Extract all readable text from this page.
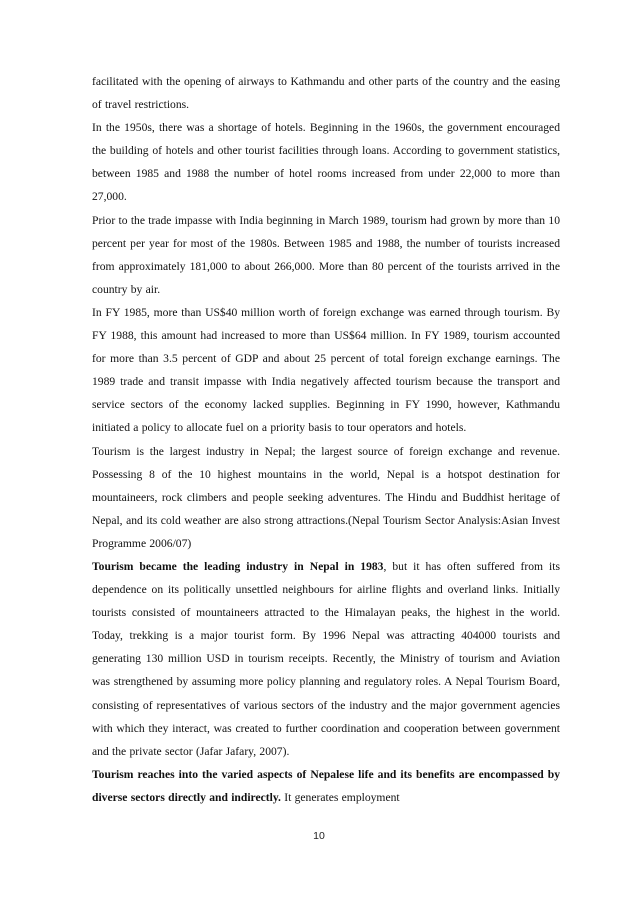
facilitated with the opening of airways to Kathmandu and other parts of the country and the easing of travel restrictions.

In the 1950s, there was a shortage of hotels. Beginning in the 1960s, the government encouraged the building of hotels and other tourist facilities through loans. According to government statistics, between 1985 and 1988 the number of hotel rooms increased from under 22,000 to more than 27,000.

Prior to the trade impasse with India beginning in March 1989, tourism had grown by more than 10 percent per year for most of the 1980s. Between 1985 and 1988, the number of tourists increased from approximately 181,000 to about 266,000. More than 80 percent of the tourists arrived in the country by air.

In FY 1985, more than US$40 million worth of foreign exchange was earned through tourism. By FY 1988, this amount had increased to more than US$64 million. In FY 1989, tourism accounted for more than 3.5 percent of GDP and about 25 percent of total foreign exchange earnings. The 1989 trade and transit impasse with India negatively affected tourism because the transport and service sectors of the economy lacked supplies. Beginning in FY 1990, however, Kathmandu initiated a policy to allocate fuel on a priority basis to tour operators and hotels.

Tourism is the largest industry in Nepal; the largest source of foreign exchange and revenue. Possessing 8 of the 10 highest mountains in the world, Nepal is a hotspot destination for mountaineers, rock climbers and people seeking adventures. The Hindu and Buddhist heritage of Nepal, and its cold weather are also strong attractions.(Nepal Tourism Sector Analysis:Asian Invest Programme 2006/07)

Tourism became the leading industry in Nepal in 1983, but it has often suffered from its dependence on its politically unsettled neighbours for airline flights and overland links. Initially tourists consisted of mountaineers attracted to the Himalayan peaks, the highest in the world. Today, trekking is a major tourist form. By 1996 Nepal was attracting 404000 tourists and generating 130 million USD in tourism receipts. Recently, the Ministry of tourism and Aviation was strengthened by assuming more policy planning and regulatory roles. A Nepal Tourism Board, consisting of representatives of various sectors of the industry and the major government agencies with which they interact, was created to further coordination and cooperation between government and the private sector (Jafar Jafary, 2007).

Tourism reaches into the varied aspects of Nepalese life and its benefits are encompassed by diverse sectors directly and indirectly. It generates employment

10
